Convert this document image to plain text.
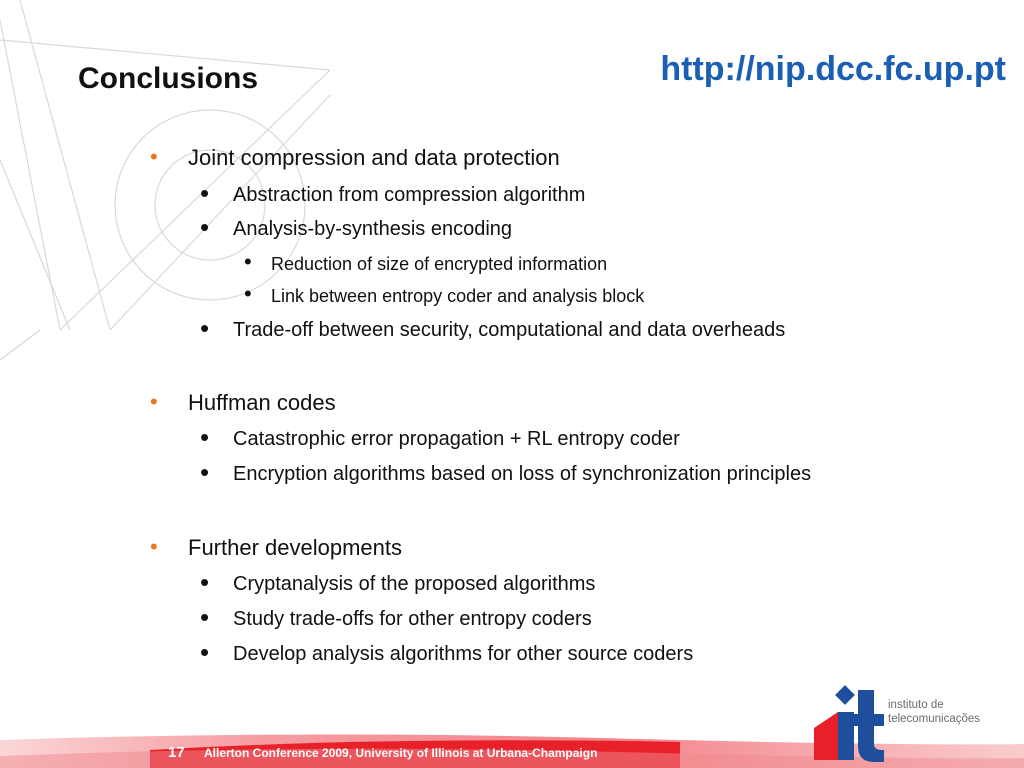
Conclusions	http://nip.dcc.fc.up.pt
• Joint compression and data protection
• Abstraction from compression algorithm
• Analysis-by-synthesis encoding
• Reduction of size of encrypted information
• Link between entropy coder and analysis block
• Trade-off between security, computational and data overheads
• Huffman codes
• Catastrophic error propagation + RL entropy coder
• Encryption algorithms based on loss of synchronization principles
• Further developments
• Cryptanalysis of the proposed algorithms
• Study trade-offs for other entropy coders
• Develop analysis algorithms for other source coders
17 Allerton Conference 2009, University of Illinois at Urbana-Champaign
instituto de
telecomunicações
